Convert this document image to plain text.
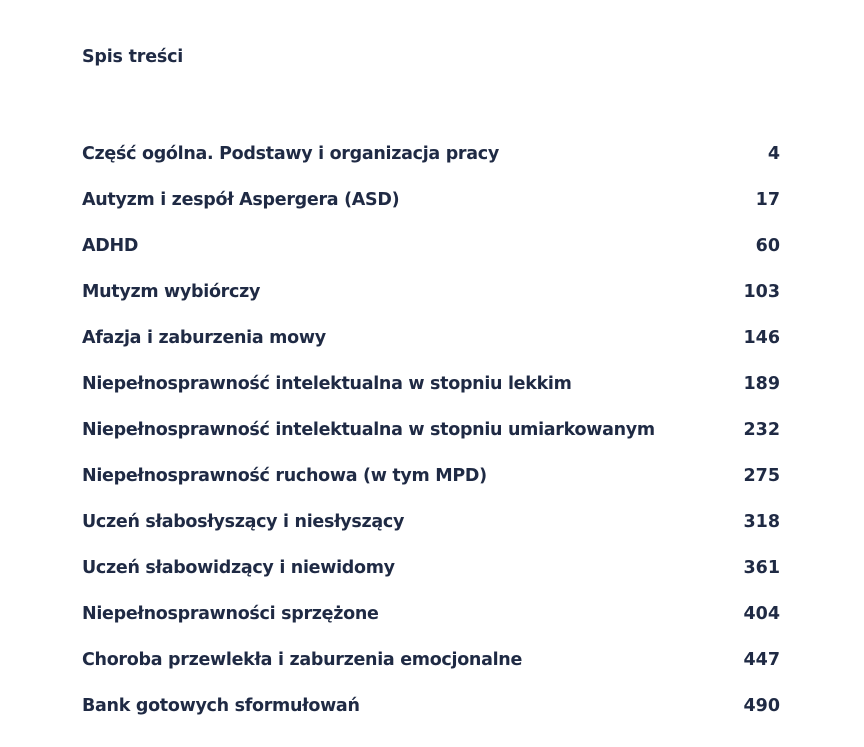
Spis treści
Część ogólna. Podstawy i organizacja pracy	4
Autyzm i zespół Aspergera (ASD)	17
ADHD	60
Mutyzm wybiórczy	103
Afazja i zaburzenia mowy	146
Niepełnosprawność intelektualna w stopniu lekkim	189
Niepełnosprawność intelektualna w stopniu umiarkowanym	232
Niepełnosprawność ruchowa (w tym MPD)	275
Uczeń słabosłyszący i niesłyszący	318
Uczeń słabowidzący i niewidomy	361
Niepełnosprawności sprzężone	404
Choroba przewlekła i zaburzenia emocjonalne	447
Bank gotowych sformułowań	490
